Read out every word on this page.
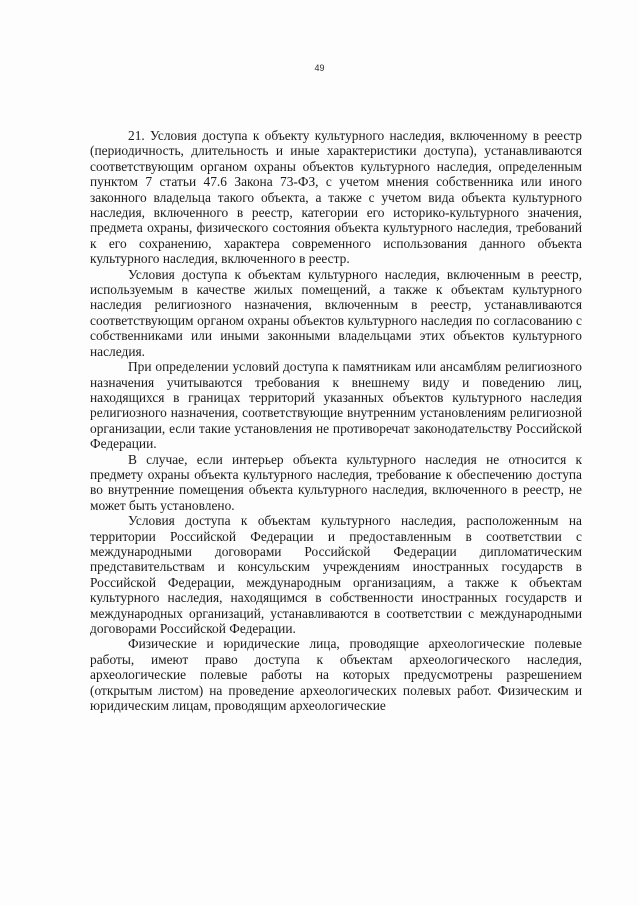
49

21. Условия доступа к объекту культурного наследия, включенному в реестр (периодичность, длительность и иные характеристики доступа), устанавливаются соответствующим органом охраны объектов культурного наследия, определенным пунктом 7 статьи 47.6 Закона 73-ФЗ, с учетом мнения собственника или иного законного владельца такого объекта, а также с учетом вида объекта культурного наследия, включенного в реестр, категории его историко-культурного значения, предмета охраны, физического состояния объекта культурного наследия, требований к его сохранению, характера современного использования данного объекта культурного наследия, включенного в реестр.

Условия доступа к объектам культурного наследия, включенным в реестр, используемым в качестве жилых помещений, а также к объектам культурного наследия религиозного назначения, включенным в реестр, устанавливаются соответствующим органом охраны объектов культурного наследия по согласованию с собственниками или иными законными владельцами этих объектов культурного наследия.

При определении условий доступа к памятникам или ансамблям религиозного назначения учитываются требования к внешнему виду и поведению лиц, находящихся в границах территорий указанных объектов культурного наследия религиозного назначения, соответствующие внутренним установлениям религиозной организации, если такие установления не противоречат законодательству Российской Федерации.

В случае, если интерьер объекта культурного наследия не относится к предмету охраны объекта культурного наследия, требование к обеспечению доступа во внутренние помещения объекта культурного наследия, включенного в реестр, не может быть установлено.

Условия доступа к объектам культурного наследия, расположенным на территории Российской Федерации и предоставленным в соответствии с международными договорами Российской Федерации дипломатическим представительствам и консульским учреждениям иностранных государств в Российской Федерации, международным организациям, а также к объектам культурного наследия, находящимся в собственности иностранных государств и международных организаций, устанавливаются в соответствии с международными договорами Российской Федерации.

Физические и юридические лица, проводящие археологические полевые работы, имеют право доступа к объектам археологического наследия, археологические полевые работы на которых предусмотрены разрешением (открытым листом) на проведение археологических полевых работ. Физическим и юридическим лицам, проводящим археологические
